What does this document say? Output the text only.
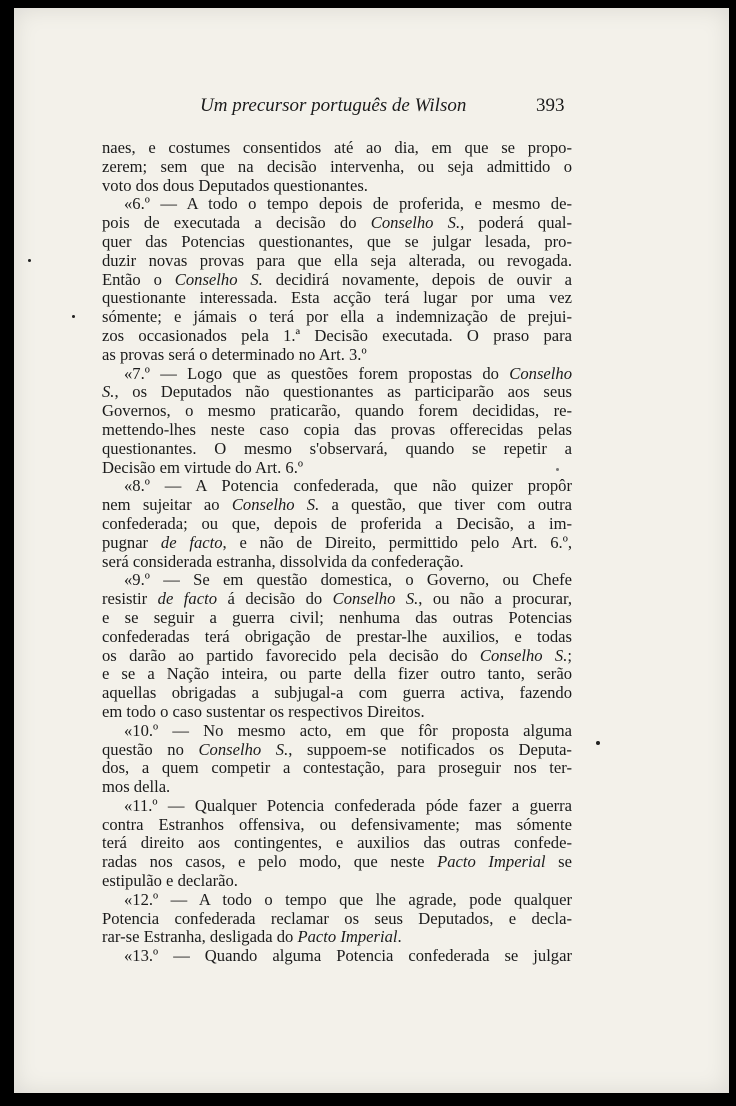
Um precursor português de Wilson	393
naes, e costumes consentidos até ao dia, em que se propo-
zerem; sem que na decisão intervenha, ou seja admittido o
voto dos dous Deputados questionantes.
«6.º — A todo o tempo depois de proferida, e mesmo de-
pois de executada a decisão do Conselho S., poderá qual-
quer das Potencias questionantes, que se julgar lesada, pro-
duzir novas provas para que ella seja alterada, ou revogada.
Então o Conselho S. decidirá novamente, depois de ouvir a
questionante interessada. Esta acção terá lugar por uma vez
sómente; e jámais o terá por ella a indemnização de prejui-
zos occasionados pela 1.ª Decisão executada. O praso para
as provas será o determinado no Art. 3.º
«7.º — Logo que as questões forem propostas do Conselho
S., os Deputados não questionantes as participarão aos seus
Governos, o mesmo praticarão, quando forem decididas, re-
mettendo-lhes neste caso copia das provas offerecidas pelas
questionantes. O mesmo s'observará, quando se repetir a
Decisão em virtude do Art. 6.º
«8.º — A Potencia confederada, que não quizer propôr
nem sujeitar ao Conselho S. a questão, que tiver com outra
confederada; ou que, depois de proferida a Decisão, a im-
pugnar de facto, e não de Direito, permittido pelo Art. 6.º,
será considerada estranha, dissolvida da confederação.
«9.º — Se em questão domestica, o Governo, ou Chefe
resistir de facto á decisão do Conselho S., ou não a procurar,
e se seguir a guerra civil; nenhuma das outras Potencias
confederadas terá obrigação de prestar-lhe auxilios, e todas
os darão ao partido favorecido pela decisão do Conselho S.;
e se a Nação inteira, ou parte della fizer outro tanto, serão
aquellas obrigadas a subjugal-a com guerra activa, fazendo
em todo o caso sustentar os respectivos Direitos.
«10.º — No mesmo acto, em que fôr proposta alguma
questão no Conselho S., suppoem-se notificados os Deputa-
dos, a quem competir a contestação, para proseguir nos ter-
mos della.
«11.º — Qualquer Potencia confederada póde fazer a guerra
contra Estranhos offensiva, ou defensivamente; mas sómente
terá direito aos contingentes, e auxilios das outras confede-
radas nos casos, e pelo modo, que neste Pacto Imperial se
estipulão e declarão.
«12.º — A todo o tempo que lhe agrade, pode qualquer
Potencia confederada reclamar os seus Deputados, e decla-
rar-se Estranha, desligada do Pacto Imperial.
«13.º — Quando alguma Potencia confederada se julgar
